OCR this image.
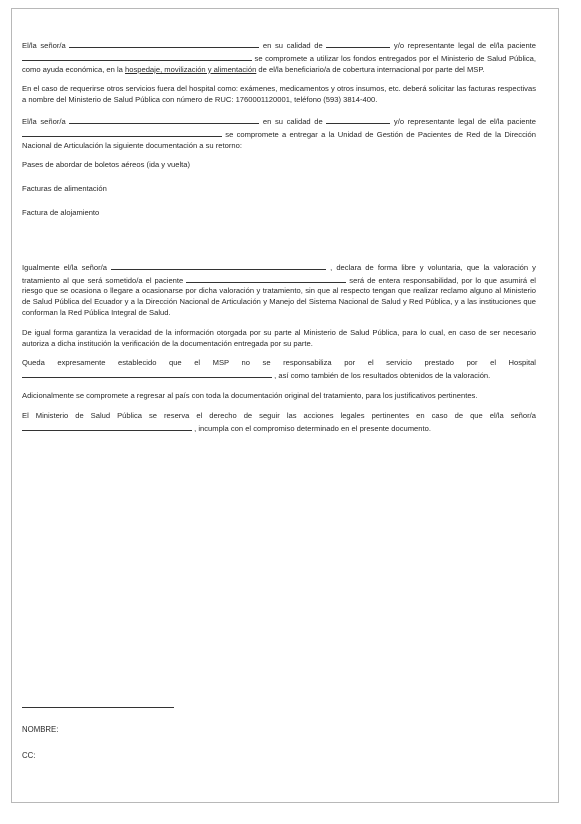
El/la señor/a	en su calidad de	y/o representante legal de el/la paciente  se compromete a utilizar los fondos entregados por el Ministerio de Salud Pública, como ayuda económica, en la hospedaje, movilización y alimentación de el/la beneficiario/a de cobertura internacional por parte del MSP.

En el caso de requerirse otros servicios fuera del hospital como: exámenes, medicamentos y otros insumos, etc. deberá solicitar las facturas respectivas a nombre del Ministerio de Salud Pública con número de RUC: 1760001120001, teléfono (593) 3814-400.

El/la señor/a	en su calidad de	y/o representante legal de el/la paciente  se compromete a entregar a la Unidad de Gestión de Pacientes de Red de la Dirección Nacional de Articulación la siguiente documentación a su retorno:

Pases de abordar de boletos aéreos (ida y vuelta)
Facturas de alimentación
Factura de alojamiento

Igualmente el/la señor/a	, declara de forma libre y voluntaria, que la valoración y tratamiento al que será sometido/a el paciente	será de entera responsabilidad, por lo que asumirá el riesgo que se ocasiona o llegare a ocasionarse por dicha valoración y tratamiento, sin que al respecto tengan que realizar reclamo alguno al Ministerio de Salud Pública del Ecuador y a la Dirección Nacional de Articulación y Manejo del Sistema Nacional de Salud y Red Pública, y a las instituciones que conforman la Red Pública Integral de Salud.

De igual forma garantiza la veracidad de la información otorgada por su parte al Ministerio de Salud Pública, para lo cual, en caso de ser necesario autoriza a dicha institución la verificación de la documentación entregada por su parte.

Queda expresamente establecido que el MSP no se responsabiliza por el servicio prestado por el Hospital  , así como también de los resultados obtenidos de la valoración.

Adicionalmente se compromete a regresar al país con toda la documentación original del tratamiento, para los justificativos pertinentes.

El Ministerio de Salud Pública se reserva el derecho de seguir las acciones legales pertinentes en caso de que el/la señor/a  , incumpla con el compromiso determinado en el presente documento.

NOMBRE:
CC:
